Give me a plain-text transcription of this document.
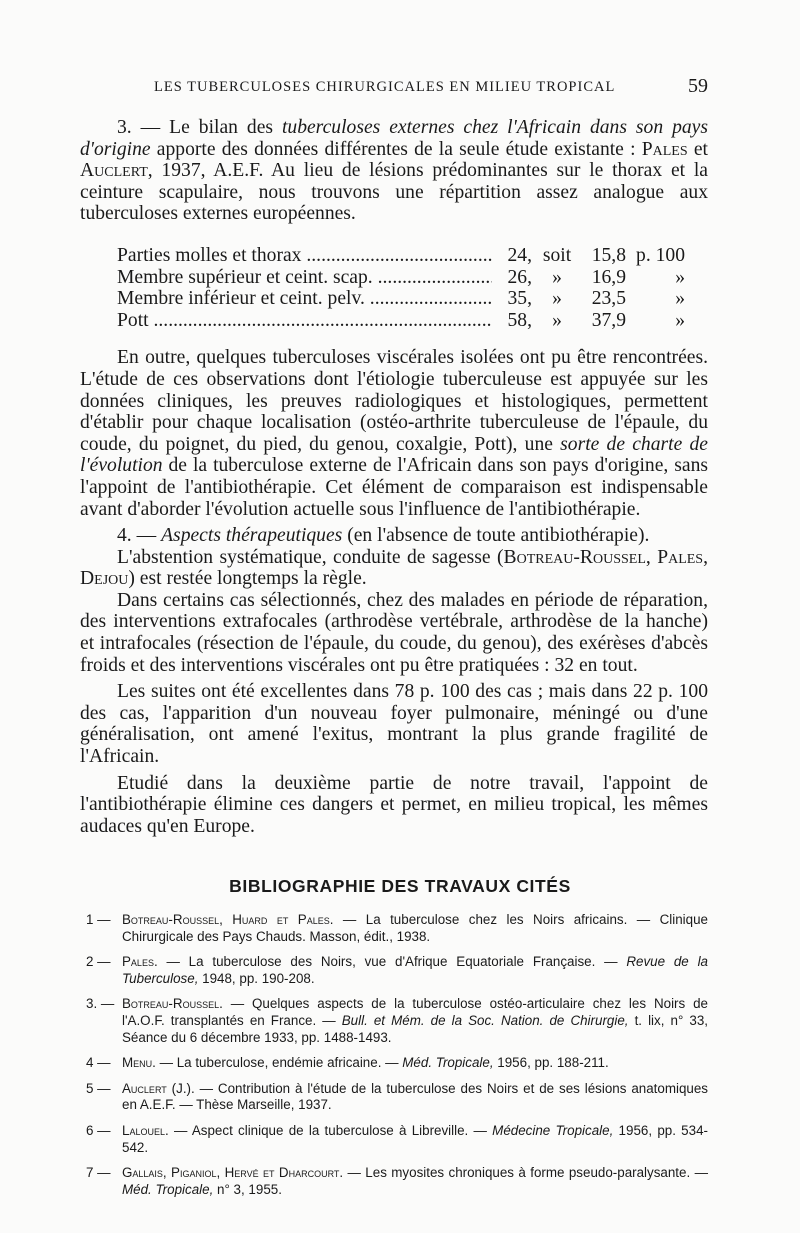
LES TUBERCULOSES CHIRURGICALES EN MILIEU TROPICAL	59

3. — Le bilan des tuberculoses externes chez l'Africain dans son pays d'origine apporte des données différentes de la seule étude existante : Pales et Auclert, 1937, A.E.F. Au lieu de lésions prédominantes sur le thorax et la ceinture scapulaire, nous trouvons une répartition assez analogue aux tuberculoses externes européennes.

Parties molles et thorax .....	24, soit	15,8 p. 100
Membre supérieur et ceint. scap. .....	26,	»	16,9	»
Membre inférieur et ceint. pelv. .....	35,	»	23,5	»
Pott .....	58,	»	37,9	»

En outre, quelques tuberculoses viscérales isolées ont pu être rencontrées. L'étude de ces observations dont l'étiologie tuberculeuse est appuyée sur les données cliniques, les preuves radiologiques et histologiques, permettent d'établir pour chaque localisation (ostéo-arthrite tuberculeuse de l'épaule, du coude, du poignet, du pied, du genou, coxalgie, Pott), une sorte de charte de l'évolution de la tuberculose externe de l'Africain dans son pays d'origine, sans l'appoint de l'antibiothérapie. Cet élément de comparaison est indispensable avant d'aborder l'évolution actuelle sous l'influence de l'antibiothérapie.

4. — Aspects thérapeutiques (en l'absence de toute antibiothérapie).

L'abstention systématique, conduite de sagesse (Botreau-Roussel, Pales, Dejou) est restée longtemps la règle.

Dans certains cas sélectionnés, chez des malades en période de réparation, des interventions extrafocales (arthrodèse vertébrale, arthrodèse de la hanche) et intrafocales (résection de l'épaule, du coude, du genou), des exérèses d'abcès froids et des interventions viscérales ont pu être pratiquées : 32 en tout.

Les suites ont été excellentes dans 78 p. 100 des cas ; mais dans 22 p. 100 des cas, l'apparition d'un nouveau foyer pulmonaire, méningé ou d'une généralisation, ont amené l'exitus, montrant la plus grande fragilité de l'Africain.

Etudié dans la deuxième partie de notre travail, l'appoint de l'antibiothérapie élimine ces dangers et permet, en milieu tropical, les mêmes audaces qu'en Europe.

BIBLIOGRAPHIE DES TRAVAUX CITÉS
1 —	Botreau-Roussel, Huard et Pales. — La tuberculose chez les Noirs africains. — Clinique Chirurgicale des Pays Chauds. Masson, édit., 1938.
2 —	Pales. — La tuberculose des Noirs, vue d'Afrique Equatoriale Française. — Revue de la Tuberculose, 1948, pp. 190-208.
3. —	Botreau-Roussel. — Quelques aspects de la tuberculose ostéo-articulaire chez les Noirs de l'A.O.F. transplantés en France. — Bull. et Mém. de la Soc. Nation. de Chirurgie, t. lix, n° 33, Séance du 6 décembre 1933, pp. 1488-1493.
4 —	Menu. — La tuberculose, endémie africaine. — Méd. Tropicale, 1956, pp. 188-211.
5 —	Auclert (J.). — Contribution à l'étude de la tuberculose des Noirs et de ses lésions anatomiques en A.E.F. — Thèse Marseille, 1937.
6 —	Lalouel. — Aspect clinique de la tuberculose à Libreville. — Médecine Tropicale, 1956, pp. 534-542.
7 —	Gallais, Piganiol, Hervé et Dharcourt. — Les myosites chroniques à forme pseudo-paralysante. — Méd. Tropicale, n° 3, 1955.
